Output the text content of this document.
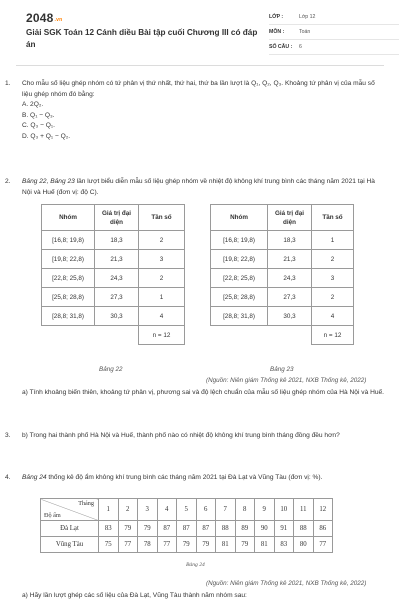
$2048^{.vn}$
Giải SGK Toán 12 Cánh diều Bài tập cuối Chương III có đáp án
LỚP :	Lớp 12
MÔN :	Toán
SỐ CÂU :	6
1. Cho mẫu số liệu ghép nhóm có tứ phân vị thứ nhất, thứ hai, thứ ba lần lượt là Q₁, Q₂, Q₃. Khoảng tứ phân vị của mẫu số liệu ghép nhóm đó bằng:
A. 2Q₂.
B. Q₁ − Q₃.
C. Q₃ − Q₁.
D. Q₃ + Q₁ − Q₂.
2. Bảng 22, Bảng 23 lần lượt biểu diễn mẫu số liệu ghép nhóm về nhiệt độ không khí trung bình các tháng năm 2021 tại Hà Nội và Huế (đơn vị: độ C).
Nhóm	Giá trị đại diện	Tần số
[16,8; 19,8)	18,3	2
[19,8; 22,8)	21,3	3
[22,8; 25,8)	24,3	2
[25,8; 28,8)	27,3	1
[28,8; 31,8)	30,3	4
		n = 12
Nhóm	Giá trị đại diện	Tần số
[16,8; 19,8)	18,3	1
[19,8; 22,8)	21,3	2
[22,8; 25,8)	24,3	3
[25,8; 28,8)	27,3	2
[28,8; 31,8)	30,3	4
		n = 12
Bảng 22	Bảng 23
(Nguồn: Niên giám Thống kê 2021, NXB Thống kê, 2022)
a) Tính khoảng biến thiên, khoảng tứ phân vị, phương sai và độ lệch chuẩn của mẫu số liệu ghép nhóm của Hà Nội và Huế.
3. b) Trong hai thành phố Hà Nội và Huế, thành phố nào có nhiệt độ không khí trung bình tháng đồng đều hơn?
4. Bảng 24 thống kê độ ẩm không khí trung bình các tháng năm 2021 tại Đà Lạt và Vũng Tàu (đơn vị: %).
Tháng
Độ ẩm	1	2	3	4	5	6	7	8	9	10	11	12
Đà Lạt	83	79	79	87	87	87	88	89	90	91	88	86
Vũng Tàu	75	77	78	77	79	79	81	79	81	83	80	77
Bảng 24
(Nguồn: Niên giám Thống kê 2021, NXB Thống kê, 2022)
a) Hãy lần lượt ghép các số liệu của Đà Lạt, Vũng Tàu thành năm nhóm sau:
